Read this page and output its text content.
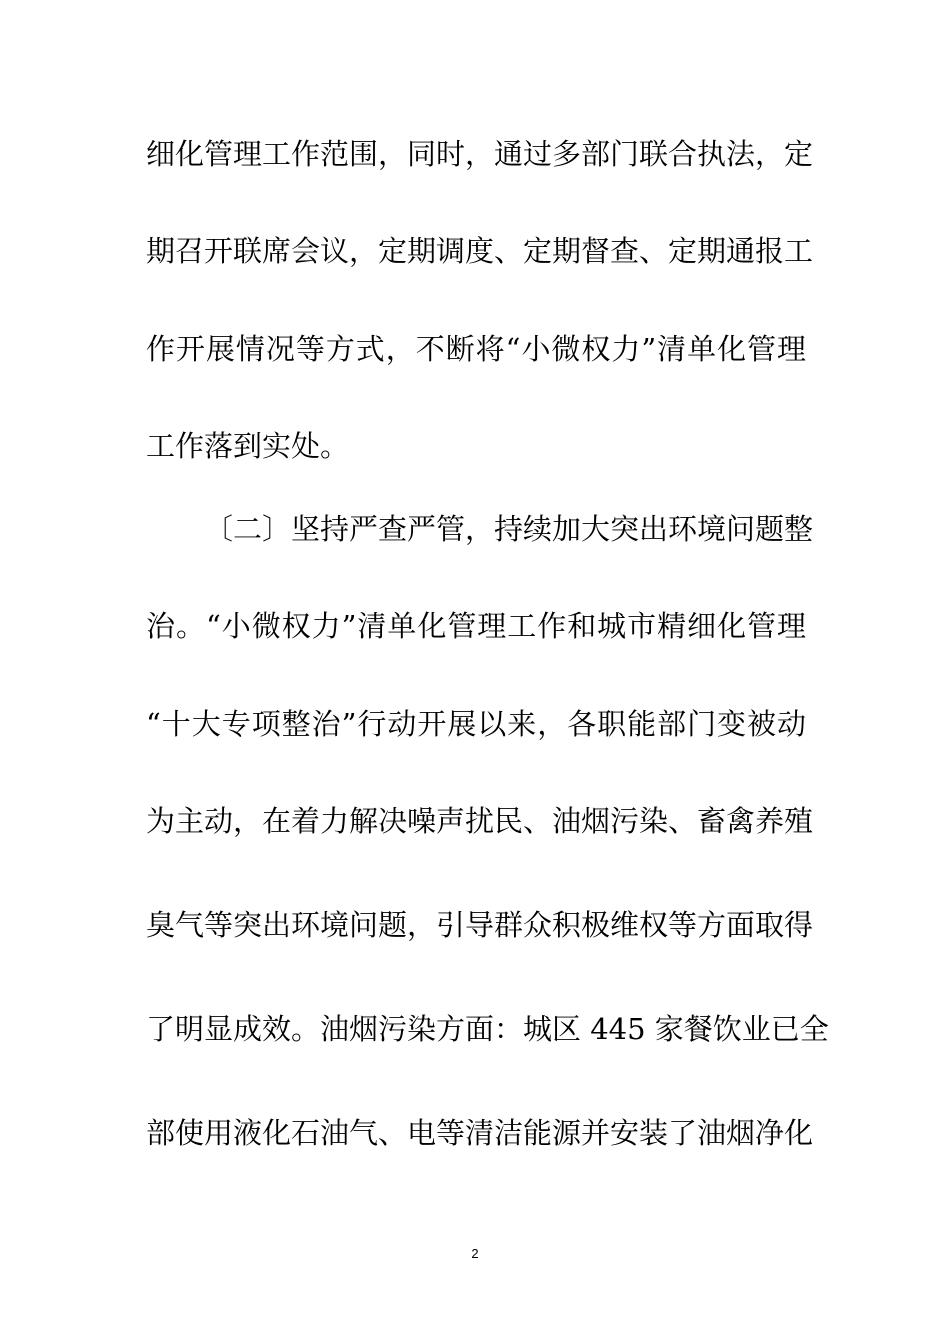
细化管理工作范围，同时，通过多部门联合执法，定
期召开联席会议，定期调度、定期督查、定期通报工
作开展情况等方式，不断将“小微权力”清单化管理
工作落到实处。
〔二〕坚持严查严管，持续加大突出环境问题整
治。“小微权力”清单化管理工作和城市精细化管理
“十大专项整治”行动开展以来，各职能部门变被动
为主动，在着力解决噪声扰民、油烟污染、畜禽养殖
臭气等突出环境问题，引导群众积极维权等方面取得
了明显成效。油烟污染方面：城区 445 家餐饮业已全
部使用液化石油气、电等清洁能源并安装了油烟净化
2
